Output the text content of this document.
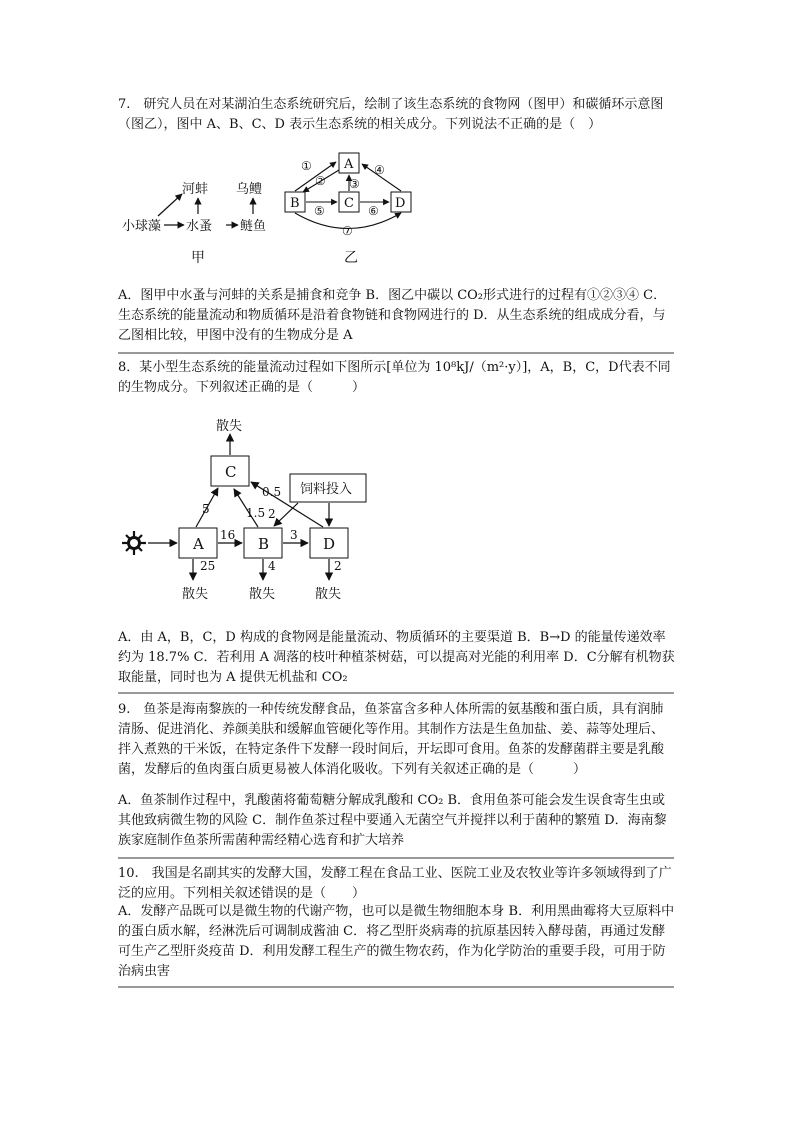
7.　研究人员在对某湖泊生态系统研究后，绘制了该生态系统的食物网（图甲）和碳循环示意图（图乙），图中 A、B、C、D 表示生态系统的相关成分。下列说法不正确的是（　）

河蚌 乌鳢
小球藻 水蚤 鲢鱼
甲
A
B	C	D
①
② ③
④
⑤	⑥
⑦
乙

A．图甲中水蚤与河蚌的关系是捕食和竞争 B．图乙中碳以 CO₂形式进行的过程有①②③④ C．生态系统的能量流动和物质循环是沿着食物链和食物网进行的 D．从生态系统的组成成分看，与乙图相比较，甲图中没有的生物成分是 A

8．某小型生态系统的能量流动过程如下图所示[单位为 10⁸kJ/（m²·y）]，A，B，C，D代表不同的生物成分。下列叙述正确的是（　　　）

A	B
C
D
饲料投入
散失
5
0.5
2
1.5
16	3
25
散失
4
散失
2
散失

A．由 A，B，C，D 构成的食物网是能量流动、物质循环的主要渠道 B．B→D 的能量传递效率约为 18.7% C．若利用 A 凋落的枝叶种植茶树菇，可以提高对光能的利用率 D．C分解有机物获取能量，同时也为 A 提供无机盐和 CO₂

9.　鱼茶是海南黎族的一种传统发酵食品，鱼茶富含多种人体所需的氨基酸和蛋白质，具有润肺清肠、促进消化、养颜美肤和缓解血管硬化等作用。其制作方法是生鱼加盐、姜、蒜等处理后、拌入煮熟的干米饭，在特定条件下发酵一段时间后，开坛即可食用。鱼茶的发酵菌群主要是乳酸菌，发酵后的鱼肉蛋白质更易被人体消化吸收。下列有关叙述正确的是（　　　）

A．鱼茶制作过程中，乳酸菌将葡萄糖分解成乳酸和 CO₂ B．食用鱼茶可能会发生误食寄生虫或其他致病微生物的风险 C．制作鱼茶过程中要通入无菌空气并搅拌以利于菌种的繁殖 D．海南黎族家庭制作鱼茶所需菌种需经精心选育和扩大培养

10.　我国是名副其实的发酵大国，发酵工程在食品工业、医院工业及农牧业等许多领域得到了广泛的应用。下列相关叙述错误的是（　　）

A．发酵产品既可以是微生物的代谢产物，也可以是微生物细胞本身 B．利用黑曲霉将大豆原料中的蛋白质水解，经淋洗后可调制成酱油 C．将乙型肝炎病毒的抗原基因转入酵母菌，再通过发酵可生产乙型肝炎疫苗 D．利用发酵工程生产的微生物农药，作为化学防治的重要手段，可用于防治病虫害
